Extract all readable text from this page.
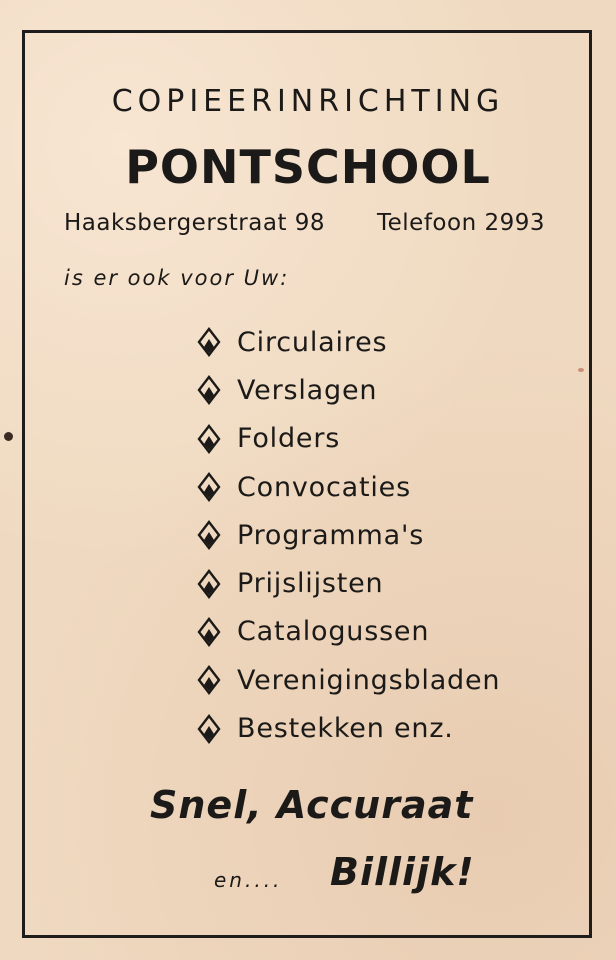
COPIEERINRICHTING
PONTSCHOOL
Haaksbergerstraat 98 Telefoon 2993
is er ook voor Uw:
Circulaires
Verslagen
Folders
Convocaties
Programma's
Prijslijsten
Catalogussen
Verenigingsbladen
Bestekken enz.
Snel, Accuraat
en.... Billijk!
